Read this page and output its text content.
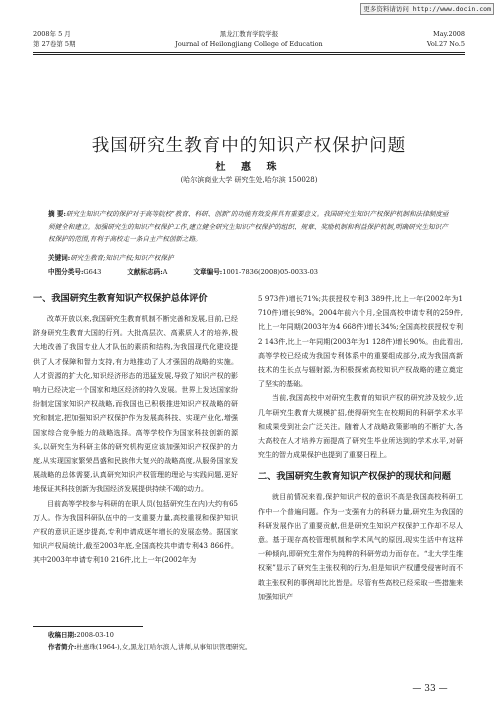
更多资料请访问 http://www.docin.com
2008年 5 月	黑龙江教育学院学报	May.2008
第 27卷第 5期	Journal of Heilongjiang College of Education	Vol.27 No.5
我国研究生教育中的知识产权保护问题
杜 惠 珠
(哈尔滨商业大学 研究生处,哈尔滨 150028)
摘 要:研究生知识产权的保护对于高等院校“教育、科研、创新”的功能有效发挥具有重要意义。我国研究生知识产权保护机制和法律制度亟须健全和建立。加强研究生的知识产权保护工作,建立健全研究生知识产权保护的组织、规章、奖励机制和利益保护机制,明确研究生知识产权保护的范围,有利于高校走一条自主产权创新之路。
关键词:研究生教育;知识产权;知识产权保护
中图分类号:G643	文献标志码:A	文章编号:1001-7836(2008)05-0033-03
一、我国研究生教育知识产权保护总体评价

改革开放以来,我国研究生教育机制不断完善和发展,目前,已经跻身研究生教育大国的行列。大批高层次、高素质人才的培养,极大地改善了我国专业人才队伍的素质和结构,为我国现代化建设提供了人才保障和智力支持,有力地推动了人才强国的战略的实施。人才资源的扩大化,知识经济形态的迅猛发展,导致了知识产权的影响力已经决定一个国家和地区经济的持久发展。世界上发达国家纷纷制定国家知识产权战略,而我国也已积极推进知识产权战略的研究和制定,把加强知识产权保护作为发展高科技、实现产业化,增强国家综合竞争能力的战略选择。高等学校作为国家科技创新的源头,以研究生为科研主体的研究机构更应该加强知识产权保护的力度,从实现国家繁荣昌盛和民族伟大复兴的战略高度,从服务国家发展战略的总体需要,认真研究知识产权管理的理论与实践问题,更好地保证其科技创新为我国经济发展提供持续不竭的动力。

目前高等学校参与科研的在职人员(包括研究生在内)大约有65万人。作为我国科研队伍中的一支重要力量,高校重视和保护知识产权的意识正逐步提高,专利申请成逐年增长的发展态势。据国家知识产权局统计,截至2003年底,全国高校共申请专利43 866件。其中2003年申请专利10 216件,比上一年(2002年为

5 973件)增长71%;共获授权专利3 389件,比上一年(2002年为1 710件)增长98%。2004年前六个月,全国高校申请专利的259件,比上一年同期(2003年为4 668件)增长34%;全国高校获授权专利2 143件,比上一年同期(2003年为1 128件)增长90%。由此看出,高等学校已经成为我国专利体系中的重要组成部分,成为我国高新技术的生长点与辐射源,为积极探索高校知识产权战略的建立奠定了坚实的基础。

当前,我国高校中对研究生教育的知识产权的研究涉及较少,近几年研究生教育大规模扩招,使得研究生在校期间的科研学术水平和成果受到社会广泛关注。随着人才战略政策影响的不断扩大,各大高校在人才培养方面提高了研究生毕业所达到的学术水平,对研究生的智力成果保护也提到了重要日程上。

二、我国研究生教育知识产权保护的现状和问题

就目前情况来看,保护知识产权的意识不高是我国高校科研工作中一个普遍问题。作为一支强有力的科研力量,研究生为我国的科研发展作出了重要贡献,但是研究生知识产权保护工作却不尽人意。基于现存高校管理机制和学术风气的原因,现实生活中有这样一种倾向,即研究生常作为纯粹的科研劳动力而存在。“北大学生维权案”显示了研究生主张权利的行为,但是知识产权遭受侵害时而不敢主张权利的事例却比比皆是。尽管有些高校已经采取一些措施来加强知识产

收稿日期:2008-03-10
作者简介:杜惠珠(1964-),女,黑龙江哈尔滨人,讲师,从事知识管理研究。
— 33 —
